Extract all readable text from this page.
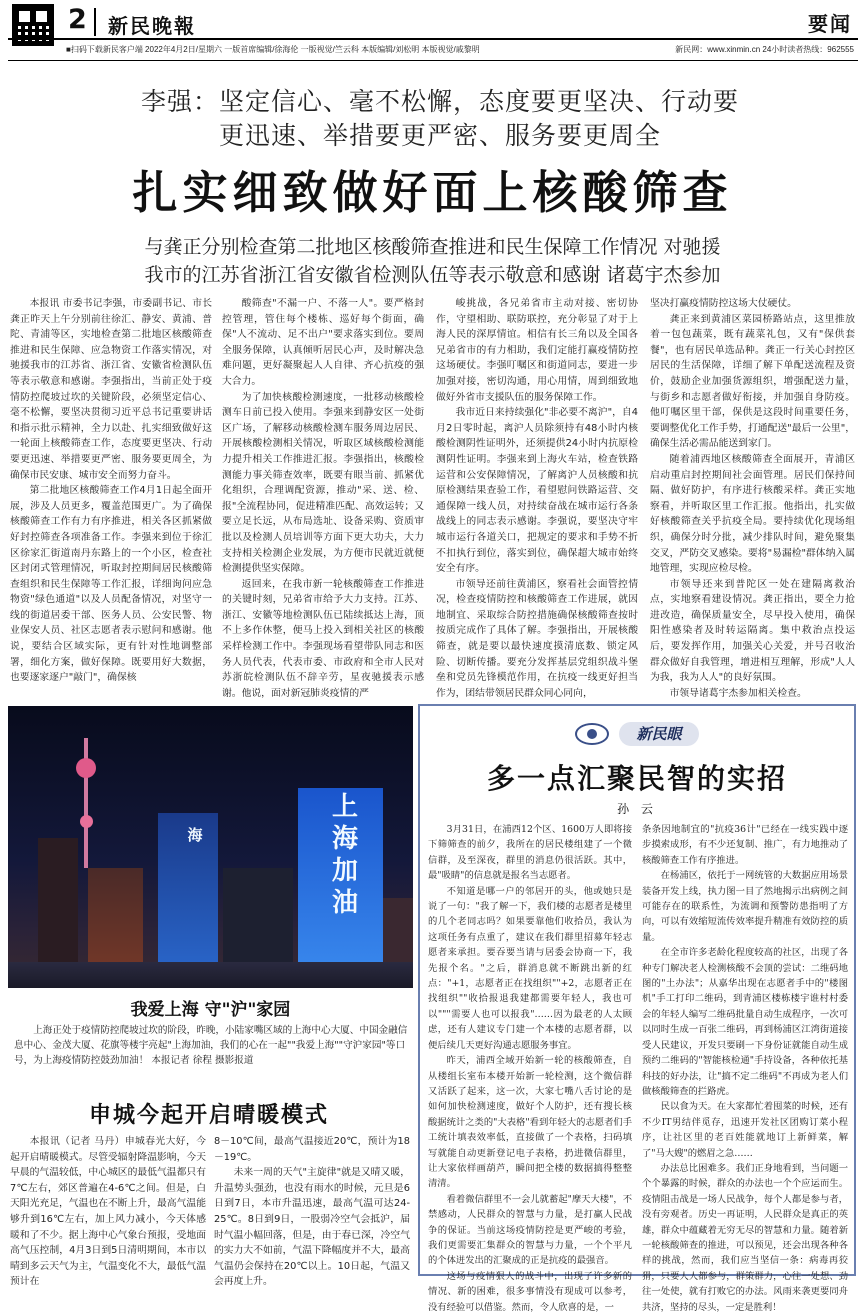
2 新民晚報	要闻
■扫码下载新民客户端 2022年4月2日/星期六 一版首席编辑/徐海伦 一版视觉/竺云科 本版编辑/刘松明 本版视觉/戚黎明	新民网：www.xinmin.cn 24小时读者热线：962555
李强：坚定信心、毫不松懈，态度要更坚决、行动要
更迅速、举措要更严密、服务要更周全
扎实细致做好面上核酸筛查
与龚正分别检查第二批地区核酸筛查推进和民生保障工作情况 对驰援
我市的江苏省浙江省安徽省检测队伍等表示敬意和感谢 诸葛宇杰参加

本报讯 市委书记李强，市委副书记、市长龚正昨天上午分别前往徐汇、静安、黄浦、普陀、青浦等区，实地检查第二批地区核酸筛查推进和民生保障、应急物资工作落实情况，对驰援我市的江苏省、浙江省、安徽省检测队伍等表示敬意和感谢。李强指出，当前正处于疫情防控爬坡过坎的关键阶段，必须坚定信心、毫不松懈，要坚决贯彻习近平总书记重要讲话和指示批示精神，全力以赴、扎实细致做好这一轮面上核酸筛查工作，态度要更坚决、行动要更迅速、举措要更严密、服务要更周全，为确保市民安康、城市安全而努力奋斗。

第二批地区核酸筛查工作4月1日起全面开展，涉及人员更多，覆盖范围更广。为了确保核酸筛查工作有力有序推进，相关各区抓紧做好封控筛查各项准备工作。李强来到位于徐汇区徐家汇街道南丹东路上的一个小区，检查社区封闭式管理情况，听取封控期间居民核酸筛查组织和民生保障等工作汇报，详细询问应急物资"绿色通道"以及人员配备情况，对坚守一线的街道居委干部、医务人员、公安民警、物业保安人员、社区志愿者表示慰问和感谢。他说，要结合区域实际，更有针对性地调整部署，细化方案，做好保障。既要用好大数据，也要逐家逐户"敲门"，确保核

酸筛查"不漏一户、不落一人"。要严格封控管理，管住每个楼栋、巡好每个街面，确保"人不流动、足不出户"要求落实到位。要周全服务保障，认真倾听居民心声，及时解决急难问题，更好凝聚起人人自律、齐心抗疫的强大合力。

为了加快核酸检测速度，一批移动核酸检测车日前已投入使用。李强来到静安区一处街区广场，了解移动核酸检测车服务周边居民、开展核酸检测相关情况，听取区域核酸检测能力提升相关工作推进汇报。李强指出，核酸检测能力事关筛查效率，既要有眼当前、抓紧优化组织，合理调配资源，推动"采、送、检、报"全流程协同，促进精准匹配、高效运转；又要立足长远，从布局选址、设备采购、资质审批以及检测人员培训等方面下更大功夫，大力支持相关检测企业发展，为方便市民就近就便检测提供坚实保障。

返回来，在我市新一轮核酸筛查工作推进的关键时刻，兄弟省市给予大力支持。江苏、浙江、安徽等地检测队伍已陆续抵达上海，顶不上多作休整，便马上投入到相关社区的核酸采样检测工作中。李强现场看望带队同志和医务人员代表，代表市委、市政府和全市人民对苏浙皖检测队伍不辞辛劳，星夜驰援表示感谢。他说，面对新冠肺炎疫情的严

峻挑战，各兄弟省市主动对接、密切协作，守望相助、联防联控，充分彰显了对于上海人民的深厚情谊。相信有长三角以及全国各兄弟省市的有力相助，我们定能打赢疫情防控这场硬仗。李强叮嘱区和街道同志，要进一步加强对接，密切沟通，用心用情，周到细致地做好外省市支援队伍的服务保障工作。

我市近日来持续强化"非必要不离沪"，自4月2日零时起，离沪人员除须持有48小时内核酸检测阴性证明外，还须提供24小时内抗原检测阴性证明。李强来到上海火车站，检查铁路运营和公安保障情况，了解离沪人员核酸和抗原检测结果查验工作，看望慰问铁路运营、交通保障一线人员，对持续奋战在城市运行各条战线上的同志表示感谢。李强说，要坚决守牢城市运行各道关口，把规定的要求和手势不折不扣执行到位，落实到位，确保超大城市始终安全有序。

市领导还前往黄浦区，察看社会面管控情况，检查疫情防控和核酸筛查工作进展，就因地制宜、采取综合防控措施确保核酸筛查按时按质完成作了具体了解。李强指出，开展核酸筛查，就是要以最快速度摸清底数、锁定风险、切断传播。要充分发挥基层党组织战斗堡垒和党员先锋模范作用，在抗疫一线更好担当作为，团结带领居民群众同心同向，

坚决打赢疫情防控这场大仗硬仗。

龚正来到黄浦区菜园桥路站点，这里推放着一包包蔬菜，既有蔬菜礼包，又有"保供套餐"，也有居民单选品种。龚正一行关心封控区居民的生活保障，详细了解下单配送流程及资价，鼓励企业加强货源组织，增强配送力量，与街乡和志愿者做好衔接，并加强自身防疫。他叮嘱区里干部，保供是这段时间重要任务，要调整优化工作手势，打通配送"最后一公里"，确保生活必需品能送到家门。

随着浦西地区核酸筛查全面展开，青浦区启动重启封控期间社会面管理。居民们保持间隔、做好防护，有序进行核酸采样。龚正实地察看，并听取区里工作汇报。他指出，扎实做好核酸筛查关乎抗疫全局。要持续优化现场组织，确保分时分批，减少排队时间，避免聚集交叉，严防交叉感染。要将"易漏检"群体纳入属地管理，实现应检尽检。

市领导还来到普陀区一处在建隔离救治点，实地察看建设情况。龚正指出，要全力抢进改造，确保质量安全，尽早投入使用，确保阳性感染者及时转运隔离。集中救治点投运后，要发挥作用，加强关心关爱，并号召收治群众做好自我管理，增进相互理解，形成"人人为我，我为人人"的良好氛围。

市领导诸葛宇杰参加相关检查。

上
海
加
油
海
我爱上海 守"沪"家园
上海正处于疫情防控爬坡过坎的阶段，昨晚，小陆家嘴区域的上海中心大厦、中国金融信息中心、金茂大厦、花旗等楼宇亮起"上海加油，我们的心在一起""我爱上海""守沪家园"等口号，为上海疫情防控鼓劲加油！ 本报记者 徐程 摄影报道
申城今起开启晴暖模式

本报讯（记者 马丹）申城春光大好，今起开启晴暖模式。尽管受辐射降温影响，今天早晨的气温较低，中心城区的最低气温都只有7℃左右，郊区普遍在4-6℃之间。但是，白天阳光充足，气温也在不断上升，最高气温能够升到16℃左右，加上风力减小，今天体感暖和了不少。据上海中心气象台预报，受地面高气压控制，4月3日到5日清明期间，本市以晴到多云天气为主，气温变化不大，最低气温预计在

8－10℃间，最高气温接近20℃，预计为18－19℃。

未来一周的天气"主旋律"就是又晴又暖，升温势头强劲，也没有雨水的时候，元旦是6日到7日，本市升温迅速，最高气温可达24-25℃。8日到9日，一股弱冷空气会抵沪，届时气温小幅回落，但是，由于春已深，冷空气的实力大不如前，气温下降幅度并不大，最高气温仍会保持在20℃以上。10日起，气温又会再度上升。

新民眼
多一点汇聚民智的实招
孙 云

3月31日，在浦西12个区、1600万人即将接下筛筛查的前夕，我所在的居民楼组建了一个微信群，及至深夜，群里的消息仍很活跃。其中，最"吸睛"的信息就是报名当志愿者。

不知道是哪一户的邻居开的头，他或她只是说了一句："我了解一下，我们楼的志愿者是楼里的几个老同志吗？如果要靠他们收拾员，我认为这项任务有点重了，建议在我们群里招募年轻志愿者来承担。要吞要当请与居委会协商一下，我先报个名。"之后，群消息就不断跳出新的红点："+1，志愿者正在找组织""+2，志愿者正在找组织""收拾报退我建都需要年轻人，我也可以"""需要人也可以报我"……因为最老的人太顾虑，还有人建议专门建一个本楼的志愿者群，以便后续几天更好沟通志愿服务事宜。

昨天，浦西全域开始新一轮的核酸筛查，自从楼组长室布本楼开始新一轮检测，这个微信群又活跃了起来，这一次，大家七嘴八舌讨论的是如何加快检测速度，做好个人防护，还有搜长核酸据统计之类的"大表格"看到年轻大的志愿者们手工统计填表效率低，直接做了一个表格，扫码填写就能自动更新登记电子表格，扔进微信群里，让大家依样画葫芦，瞬间把全楼的数据搞得整整清清。

看着微信群里不一会儿就蓄起"摩天大楼"，不禁感动，人民群众的智慧与力量，是打赢人民战争的保证。当前这场疫情防控是更严峻的考验，我们更需要汇集群众的智慧与力量，一个个平凡的个体迸发出的汇聚成的正是抗疫的最强音。

这场与疫情狠人的战斗中，出现了许多新的情况、新的困难，很多事情没有现成可以参考，没有经验可以借鉴。然而，令人欣喜的是，一

条条因地制宜的"抗疫36计"已经在一线实践中逐步摸索成形，有不少还复制、推广，有力地推动了核酸筛查工作有序推进。

在杨浦区，依托于一网统管的大数据应用场景装备开发上线，执力图一目了然地揭示出病例之间可能存在的联系性，为流调和预警防患指明了方向，可以有效缩短流传效率提升精准有效防控的质量。

在全市许多老龄化程度较高的社区，出现了各种专门解决老人检测核酸不会顶的尝试：二维码地图的"土办法"；从嘉华出现在志愿者手中的"楼图机"手工打印二维码，到青浦区楼栋楼宇谁村村委会的年轻人编写二维码批量自动生成程序，一次可以同时生成一百张二维码，再到杨浦区江湾街道接受人民建议，开发只要刷一下身份证就能自动生成预约二维码的"智能核检通"手持设备，各种依托基科技的好办法，让"搞不定二维码"不再成为老人们做核酸筛查的拦路虎。

民以食为天。在大家都忙着囤菜的时候，还有不少IT男结伴觅存，迅速开发社区团购订菜小程序，让社区里的老百姓能就地订上新鲜菜，解了"马大嫂"的燃眉之急……

办法总比困难多。我们正身地看到，当问题一个个暴露的时候，群众的办法也一个个应运而生。疫情阻击战是一场人民战争，每个人都是参与者，没有旁观者。历史一再证明，人民群众是真正的英雄，群众中蕴藏着无穷无尽的智慧和力量。随着新一轮核酸筛查的推进，可以预见，还会出现各种各样的挑战，然而，我们应当坚信一条：病毒再狡猾，只要人人都参与，群策群力，心往一处想、劲往一处使，就有打败它的办法。风雨来袭更要同舟共济，坚持的尽头，一定是胜利！
